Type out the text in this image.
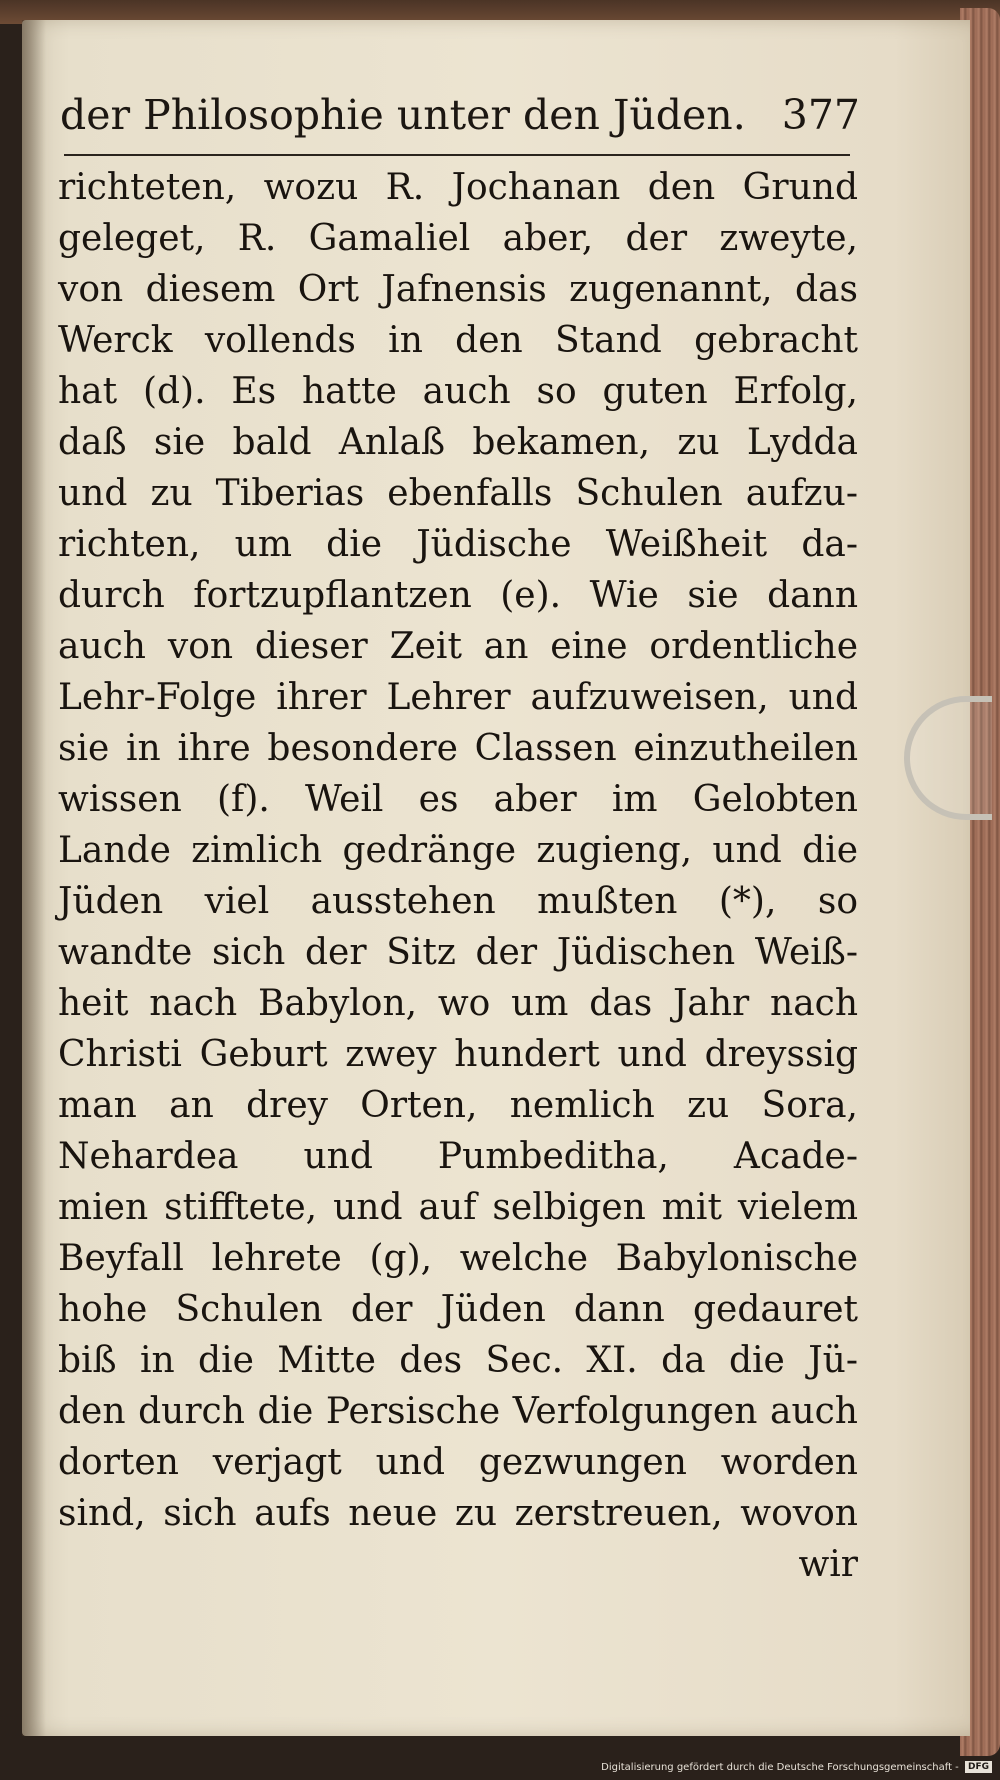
der Philosophie unter den Jüden. 377
richteten, wozu R. Jochanan den Grund
geleget, R. Gamaliel aber, der zweyte,
von diesem Ort Jafnensis zugenannt, das
Werck vollends in den Stand gebracht
hat (d). Es hatte auch so guten Erfolg,
daß sie bald Anlaß bekamen, zu Lydda
und zu Tiberias ebenfalls Schulen aufzu-
richten, um die Jüdische Weißheit da-
durch fortzupflantzen (e). Wie sie dann
auch von dieser Zeit an eine ordentliche
Lehr-Folge ihrer Lehrer aufzuweisen, und
sie in ihre besondere Classen einzutheilen
wissen (f). Weil es aber im Gelobten
Lande zimlich gedränge zugieng, und die
Jüden viel ausstehen mußten (*), so
wandte sich der Sitz der Jüdischen Weiß-
heit nach Babylon, wo um das Jahr nach
Christi Geburt zwey hundert und dreyssig
man an drey Orten, nemlich zu Sora,
Nehardea und Pumbeditha, Acade-
mien stifftete, und auf selbigen mit vielem
Beyfall lehrete (g), welche Babylonische
hohe Schulen der Jüden dann gedauret
biß in die Mitte des Sec. XI. da die Jü-
den durch die Persische Verfolgungen auch
dorten verjagt und gezwungen worden
sind, sich aufs neue zu zerstreuen, wovon
wir
Digitalisierung gefördert durch die Deutsche Forschungsgemeinschaft - DFG
